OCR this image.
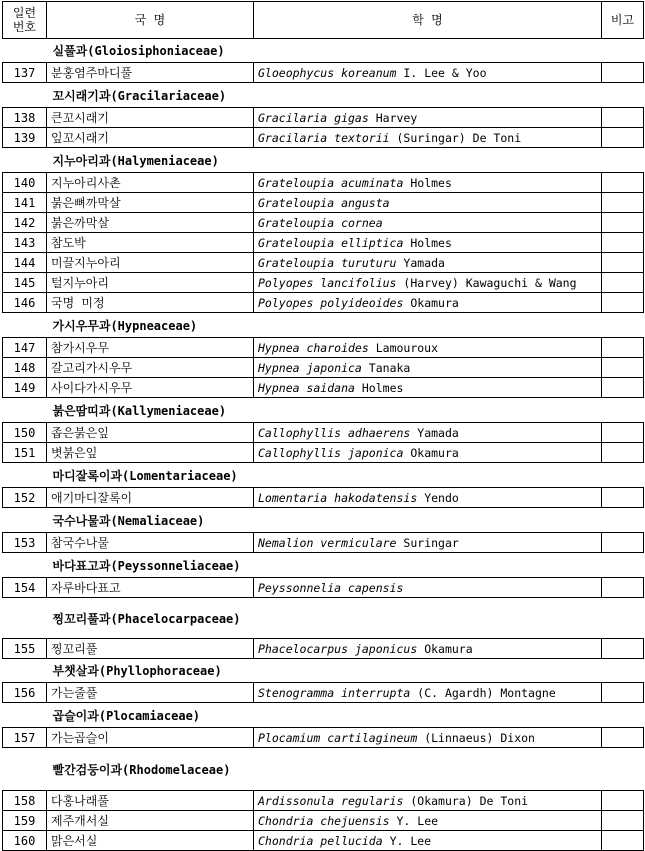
일련
번호	국 명	학 명	비고
	실풀과(Gloiosiphoniaceae)		
137	분홍염주마디풀	Gloeophycus koreanum I. Lee & Yoo	
	꼬시래기과(Gracilariaceae)		
138	큰꼬시래기	Gracilaria gigas Harvey	
139	잎꼬시래기	Gracilaria textorii (Suringar) De Toni	
	지누아리과(Halymeniaceae)		
140	지누아리사촌	Grateloupia acuminata Holmes	
141	붉은뼈까막살	Grateloupia angusta	
142	붉은까막살	Grateloupia cornea	
143	참도박	Grateloupia elliptica Holmes	
144	미끌지누아리	Grateloupia turuturu Yamada	
145	털지누아리	Polyopes lancifolius (Harvey) Kawaguchi & Wang	
146	국명 미정	Polyopes polyideoides Okamura	
	가시우무과(Hypneaceae)		
147	참가시우무	Hypnea charoides Lamouroux	
148	갈고리가시우무	Hypnea japonica Tanaka	
149	사이다가시우무	Hypnea saidana Holmes	
	붉은땀띠과(Kallymeniaceae)		
150	좁은붉은잎	Callophyllis adhaerens Yamada	
151	볏붉은잎	Callophyllis japonica Okamura	
	마디잘록이과(Lomentariaceae)		
152	애기마디잘록이	Lomentaria hakodatensis Yendo	
	국수나물과(Nemaliaceae)		
153	참국수나물	Nemalion vermiculare Suringar	
	바다표고과(Peyssonneliaceae)		
154	자루바다표고	Peyssonnelia capensis	
	찡꼬리풀과(Phacelocarpaceae)		
155	찡꼬리풀	Phacelocarpus japonicus Okamura	
	부챗살과(Phyllophoraceae)		
156	가는줄풀	Stenogramma interrupta (C. Agardh) Montagne	
	곱슬이과(Plocamiaceae)		
157	가는곱슬이	Plocamium cartilagineum (Linnaeus) Dixon	
	빨간검둥이과(Rhodomelaceae)		
158	다홍나래풀	Ardissonula regularis (Okamura) De Toni	
159	제주개서실	Chondria chejuensis Y. Lee	
160	맑은서실	Chondria pellucida Y. Lee	
